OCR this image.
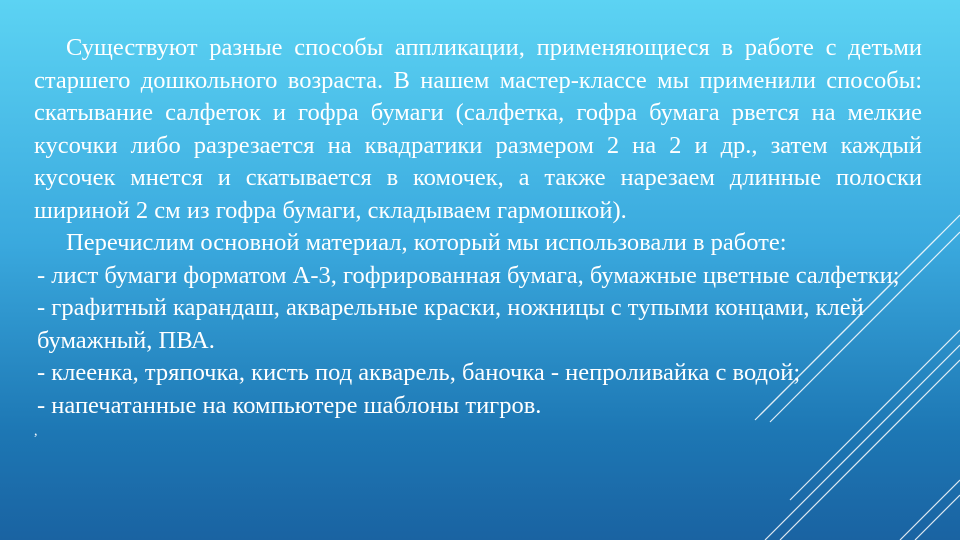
Существуют разные способы аппликации, применяющиеся в работе с детьми старшего дошкольного возраста. В нашем мастер-классе мы применили способы: скатывание салфеток и гофра бумаги (салфетка, гофра бумага рвется на мелкие кусочки либо разрезается на квадратики размером 2 на 2 и др., затем каждый кусочек мнется и скатывается в комочек, а также нарезаем длинные полоски шириной 2 см из гофра бумаги, складываем гармошкой).

Перечислим основной материал, который мы использовали в работе:

- лист бумаги форматом А-3, гофрированная бумага, бумажные цветные салфетки;
- графитный карандаш, акварельные краски, ножницы с тупыми концами, клей бумажный, ПВА.
- клеенка, тряпочка, кисть под акварель, баночка - непроливайка с водой;
- напечатанные на компьютере шаблоны тигров.

,
